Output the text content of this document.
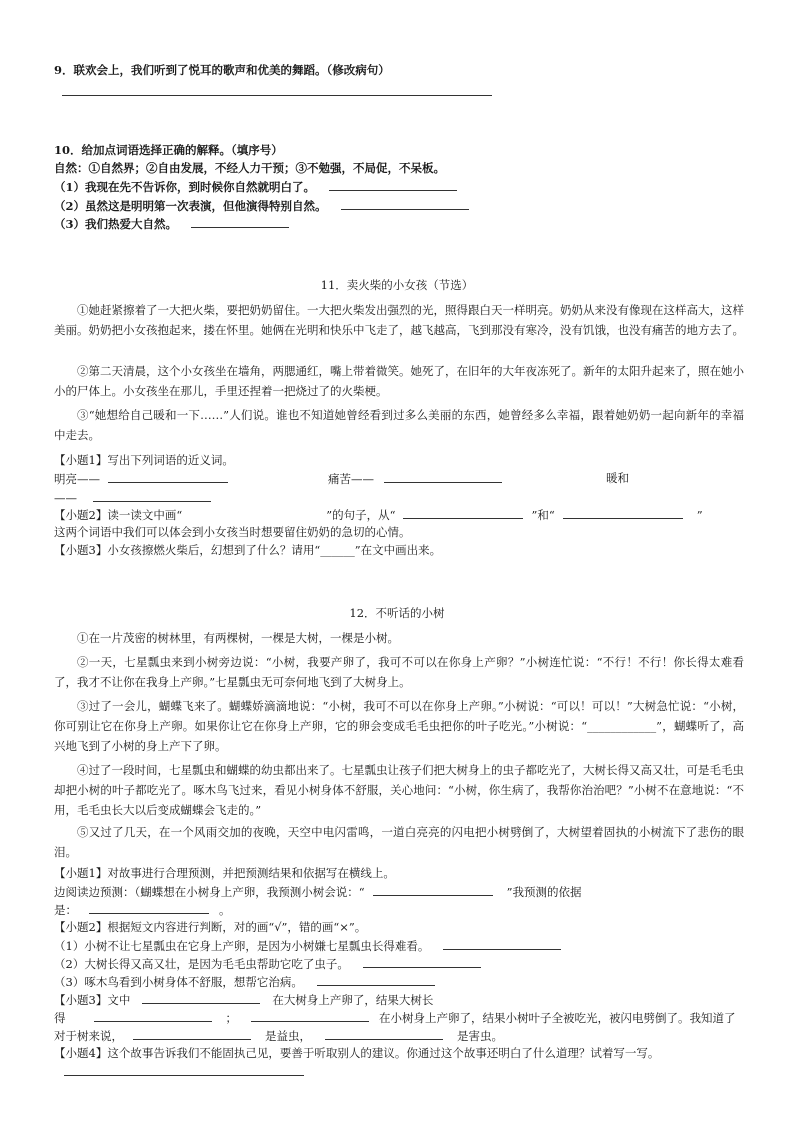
9．联欢会上，我们听到了悦耳的歌声和优美的舞蹈。（修改病句）
10．给加点词语选择正确的解释。（填序号）
自然：①自然界；②自由发展，不经人力干预；③不勉强，不局促，不呆板。
（1）我现在先不告诉你，到时候你自然就明白了。
（2）虽然这是明明第一次表演，但他演得特别自然。
（3）我们热爱大自然。
11．卖火柴的小女孩（节选）
①她赶紧擦着了一大把火柴，要把奶奶留住。一大把火柴发出强烈的光，照得跟白天一样明亮。奶奶从来没有像现在这样高大，这样美丽。奶奶把小女孩抱起来，搂在怀里。她俩在光明和快乐中飞走了，越飞越高，飞到那没有寒冷，没有饥饿，也没有痛苦的地方去了。
②第二天清晨，这个小女孩坐在墙角，两腮通红，嘴上带着微笑。她死了，在旧年的大年夜冻死了。新年的太阳升起来了，照在她小小的尸体上。小女孩坐在那儿，手里还捏着一把烧过了的火柴梗。
③“她想给自己暖和一下……”人们说。谁也不知道她曾经看到过多么美丽的东西，她曾经多么幸福，跟着她奶奶一起向新年的幸福中走去。
【小题1】写出下列词语的近义词。
明亮——	痛苦——	暖和
——
【小题2】读一读文中画“	”的句子，从“	”和“	”
这两个词语中我们可以体会到小女孩当时想要留住奶奶的急切的心情。
【小题3】小女孩擦燃火柴后，幻想到了什么？请用“______”在文中画出来。
12．不听话的小树
①在一片茂密的树林里，有两棵树，一棵是大树，一棵是小树。
②一天，七星瓢虫来到小树旁边说：“小树，我要产卵了，我可不可以在你身上产卵？”小树连忙说：“不行！不行！你长得太难看了，我才不让你在我身上产卵。”七星瓢虫无可奈何地飞到了大树身上。
③过了一会儿，蝴蝶飞来了。蝴蝶娇滴滴地说：“小树，我可不可以在你身上产卵。”小树说：“可以！可以！”大树急忙说：“小树，你可别让它在你身上产卵。如果你让它在你身上产卵，它的卵会变成毛毛虫把你的叶子吃光。”小树说：“____________”，蝴蝶听了，高兴地飞到了小树的身上产下了卵。
④过了一段时间，七星瓢虫和蝴蝶的幼虫都出来了。七星瓢虫让孩子们把大树身上的虫子都吃光了，大树长得又高又壮，可是毛毛虫却把小树的叶子都吃光了。啄木鸟飞过来，看见小树身体不舒服，关心地问：“小树，你生病了，我帮你治治吧？”小树不在意地说：“不用，毛毛虫长大以后变成蝴蝶会飞走的。”
⑤又过了几天，在一个风雨交加的夜晚，天空中电闪雷鸣，一道白亮亮的闪电把小树劈倒了，大树望着固执的小树流下了悲伤的眼泪。
【小题1】对故事进行合理预测，并把预测结果和依据写在横线上。
边阅读边预测：（蝴蝶想在小树身上产卵，我预测小树会说：“	”我预测的依据
是：	。
【小题2】根据短文内容进行判断，对的画“√”，错的画“×”。
（1）小树不让七星瓢虫在它身上产卵，是因为小树嫌七星瓢虫长得难看。
（2）大树长得又高又壮，是因为毛毛虫帮助它吃了虫子。
（3）啄木鸟看到小树身体不舒服，想帮它治病。
【小题3】文中	在大树身上产卵了，结果大树长
得	；	在小树身上产卵了，结果小树叶子全被吃光，被闪电劈倒了。我知道了
对于树来说，	是益虫，	是害虫。
【小题4】这个故事告诉我们不能固执己见，要善于听取别人的建议。你通过这个故事还明白了什么道理？试着写一写。
